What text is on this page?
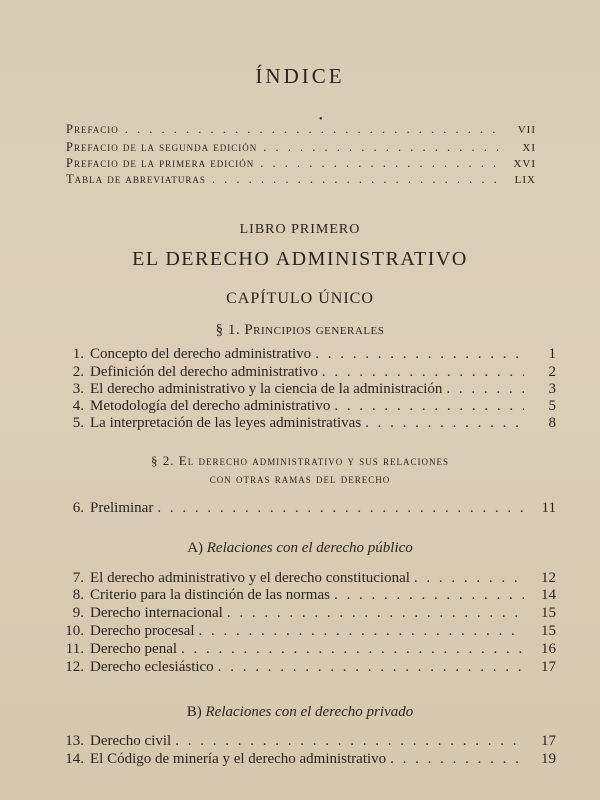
ÍNDICE
•
Prefacio . . .	VII
Prefacio de la segunda edición . . .	XI
Prefacio de la primera edición . . .	XVI
Tabla de abreviaturas . . .	LIX
LIBRO PRIMERO
EL DERECHO ADMINISTRATIVO
CAPÍTULO ÚNICO
§ 1. Principios generales
1. Concepto del derecho administrativo . . .	1
2. Definición del derecho administrativo . . .	2
3. El derecho administrativo y la ciencia de la administración . . .	3
4. Metodología del derecho administrativo . . .	5
5. La interpretación de las leyes administrativas . . .	8
§ 2. El derecho administrativo y sus relaciones
con otras ramas del derecho
6. Preliminar . . .	11
A) Relaciones con el derecho público
7. El derecho administrativo y el derecho constitucional . . .	12
8. Criterio para la distinción de las normas . . .	14
9. Derecho internacional . . .	15
10. Derecho procesal . . .	15
11. Derecho penal . . .	16
12. Derecho eclesiástico . . .	17
B) Relaciones con el derecho privado
13. Derecho civil . . .	17
14. El Código de minería y el derecho administrativo . . .	19
